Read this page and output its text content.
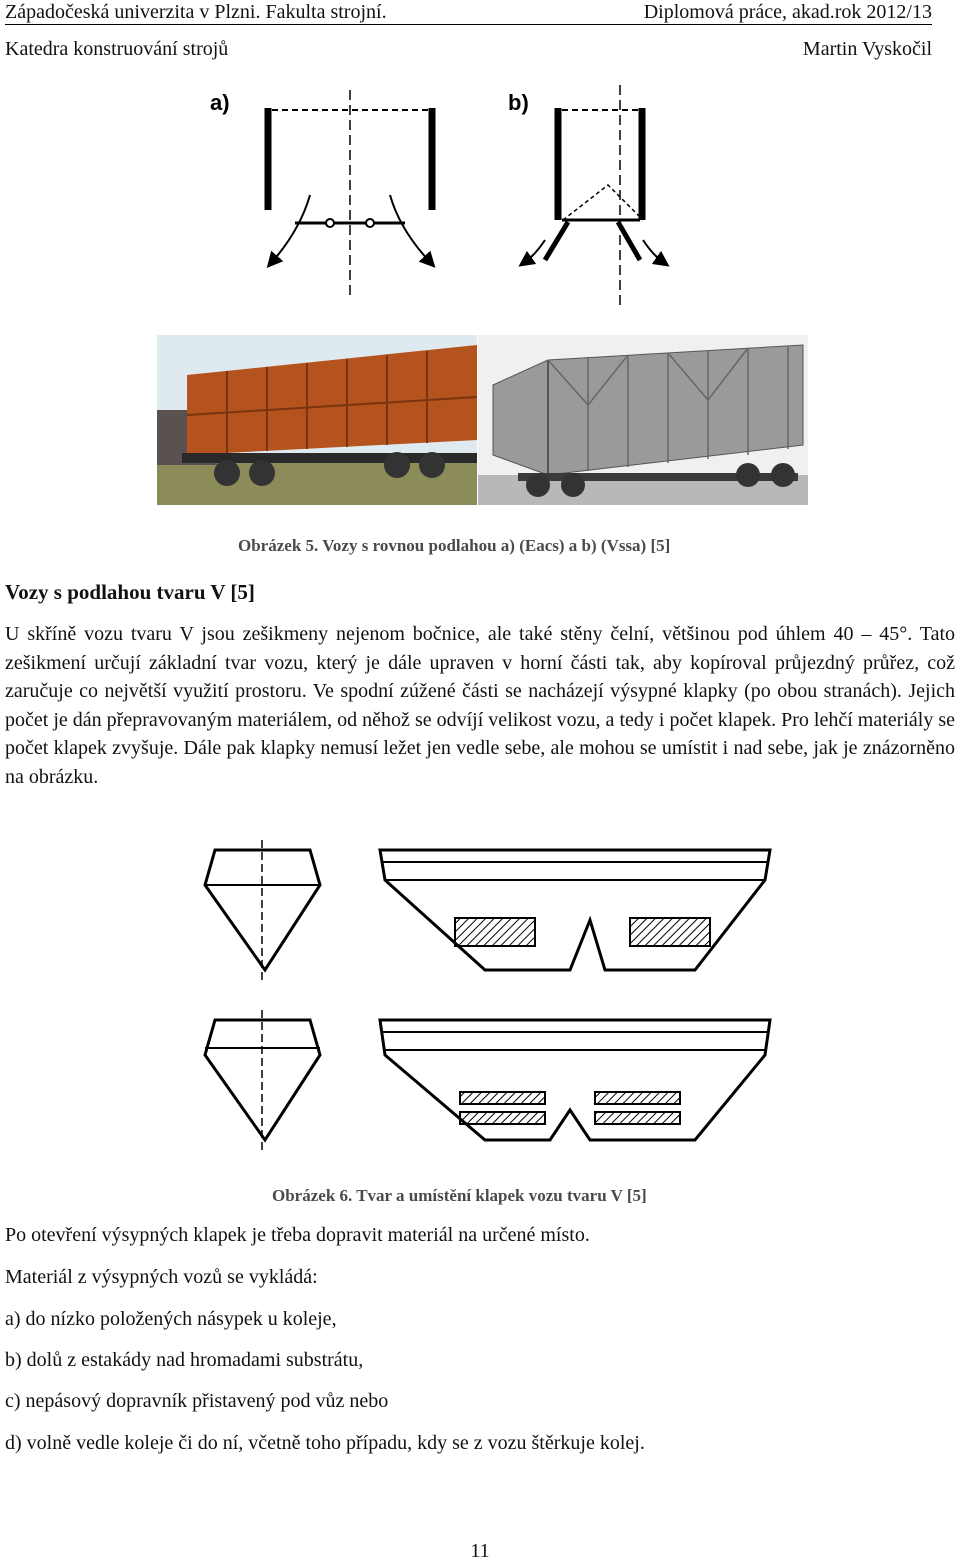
Západočeská univerzita v Plzni. Fakulta strojní.	Diplomová práce, akad.rok 2012/13
Katedra konstruování strojů	Martin Vyskočil
a)	b)
Obrázek 5. Vozy s rovnou podlahou a) (Eacs) a b) (Vssa) [5]
Vozy s podlahou tvaru V [5]
U skříně vozu tvaru V jsou zešikmeny nejenom bočnice, ale také stěny čelní, většinou pod úhlem 40 – 45°. Tato zešikmení určují základní tvar vozu, který je dále upraven v horní části tak, aby kopíroval průjezdný průřez, což zaručuje co největší využití prostoru. Ve spodní zúžené části se nacházejí výsypné klapky (po obou stranách). Jejich počet je dán přepravovaným materiálem, od něhož se odvíjí velikost vozu, a tedy i počet klapek. Pro lehčí materiály se počet klapek zvyšuje. Dále pak klapky nemusí ležet jen vedle sebe, ale mohou se umístit i nad sebe, jak je znázorněno na obrázku.
Obrázek 6. Tvar a umístění klapek vozu tvaru V [5]
Po otevření výsypných klapek je třeba dopravit materiál na určené místo.
Materiál z výsypných vozů se vykládá:
a) do nízko položených násypek u koleje,
b) dolů z estakády nad hromadami substrátu,
c) nepásový dopravník přistavený pod vůz nebo
d) volně vedle koleje či do ní, včetně toho případu, kdy se z vozu štěrkuje kolej.
11
